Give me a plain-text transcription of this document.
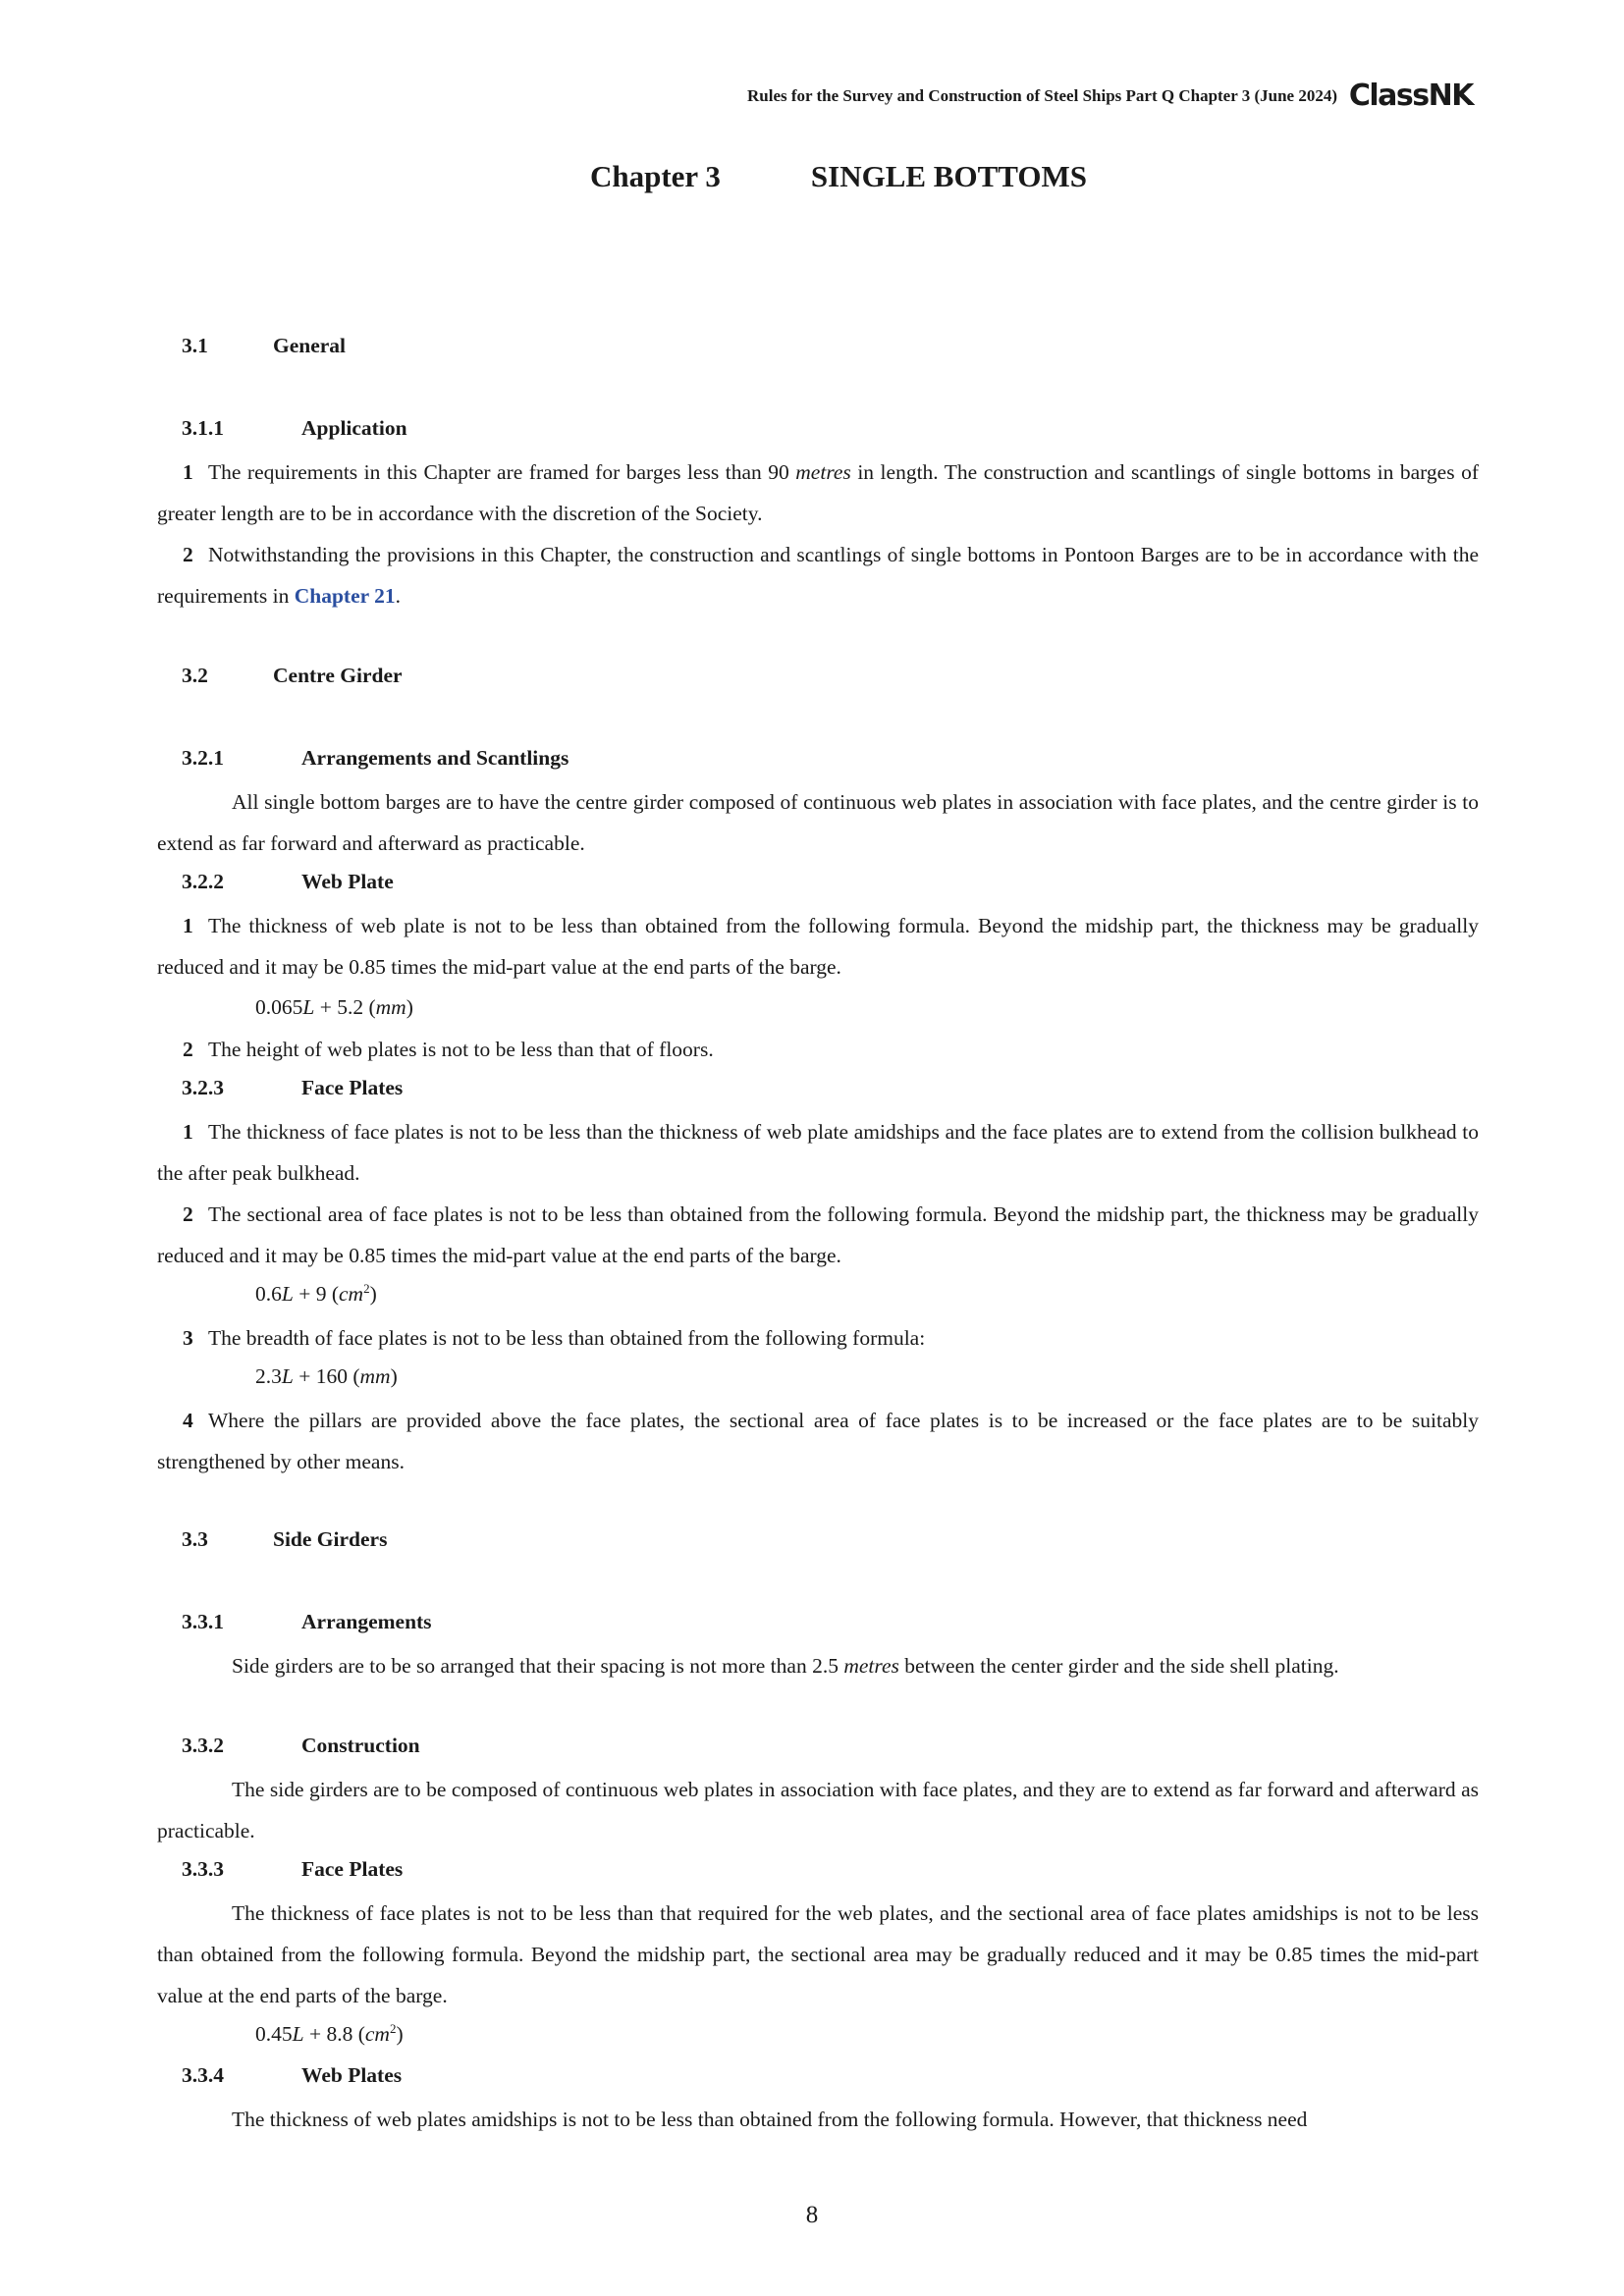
Rules for the Survey and Construction of Steel Ships Part Q Chapter 3 (June 2024) ClassNK
Chapter 3	SINGLE BOTTOMS
3.1	General
3.1.1	Application
1 The requirements in this Chapter are framed for barges less than 90 metres in length. The construction and scantlings of single bottoms in barges of greater length are to be in accordance with the discretion of the Society.
2 Notwithstanding the provisions in this Chapter, the construction and scantlings of single bottoms in Pontoon Barges are to be in accordance with the requirements in Chapter 21.
3.2	Centre Girder
3.2.1	Arrangements and Scantlings
All single bottom barges are to have the centre girder composed of continuous web plates in association with face plates, and the centre girder is to extend as far forward and afterward as practicable.
3.2.2	Web Plate
1 The thickness of web plate is not to be less than obtained from the following formula. Beyond the midship part, the thickness may be gradually reduced and it may be 0.85 times the mid-part value at the end parts of the barge.
0.065L + 5.2 (mm)
2 The height of web plates is not to be less than that of floors.
3.2.3	Face Plates
1 The thickness of face plates is not to be less than the thickness of web plate amidships and the face plates are to extend from the collision bulkhead to the after peak bulkhead.
2 The sectional area of face plates is not to be less than obtained from the following formula. Beyond the midship part, the thickness may be gradually reduced and it may be 0.85 times the mid-part value at the end parts of the barge.
0.6L + 9 $(cm^2)$
3 The breadth of face plates is not to be less than obtained from the following formula:
2.3L + 160 (mm)
4 Where the pillars are provided above the face plates, the sectional area of face plates is to be increased or the face plates are to be suitably strengthened by other means.
3.3	Side Girders
3.3.1	Arrangements
Side girders are to be so arranged that their spacing is not more than 2.5 metres between the center girder and the side shell plating.
3.3.2	Construction
The side girders are to be composed of continuous web plates in association with face plates, and they are to extend as far forward and afterward as practicable.
3.3.3	Face Plates
The thickness of face plates is not to be less than that required for the web plates, and the sectional area of face plates amidships is not to be less than obtained from the following formula. Beyond the midship part, the sectional area may be gradually reduced and it may be 0.85 times the mid-part value at the end parts of the barge.
0.45L + 8.8 $(cm^2)$
3.3.4	Web Plates
The thickness of web plates amidships is not to be less than obtained from the following formula. However, that thickness need
8
